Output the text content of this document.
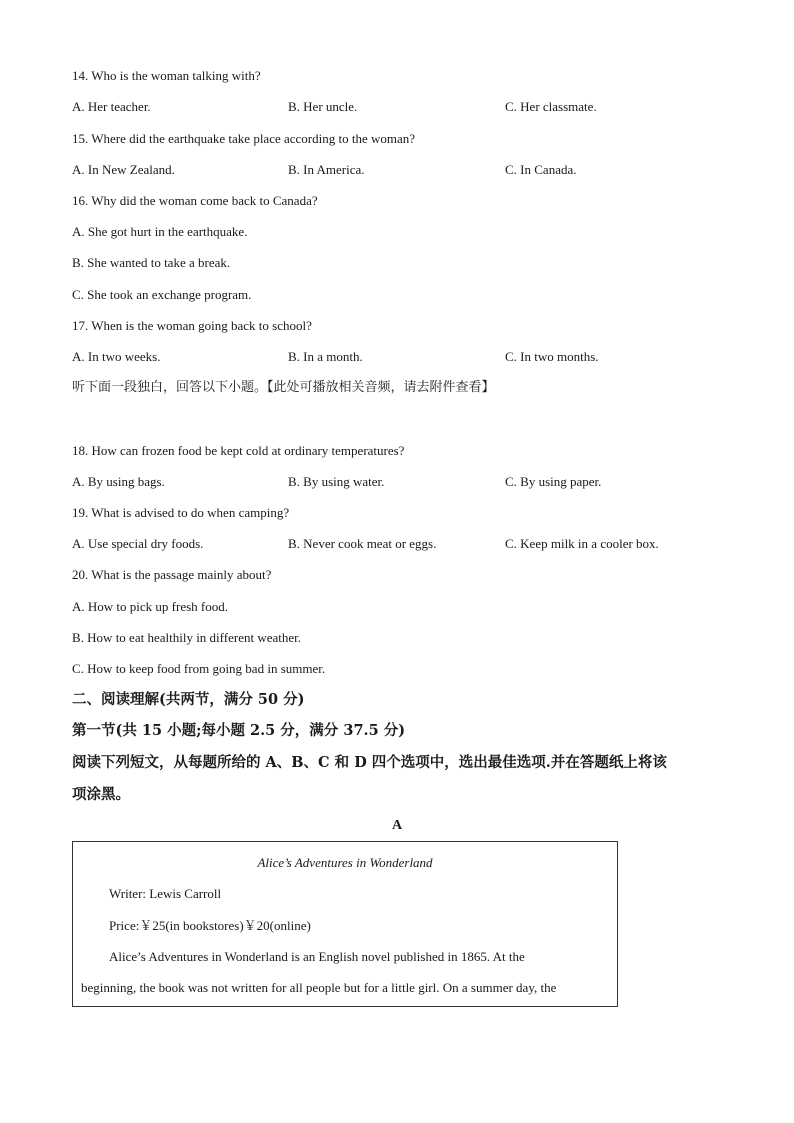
14. Who is the woman talking with?
A. Her teacher.	B. Her uncle.	C. Her classmate.
15. Where did the earthquake take place according to the woman?
A. In New Zealand.	B. In America.	C. In Canada.
16. Why did the woman come back to Canada?
A. She got hurt in the earthquake.
B. She wanted to take a break.
C. She took an exchange program.
17. When is the woman going back to school?
A. In two weeks.	B. In a month.	C. In two months.
听下面一段独白，回答以下小题。【此处可播放相关音频，请去附件查看】
18. How can frozen food be kept cold at ordinary temperatures?
A. By using bags.	B. By using water.	C. By using paper.
19. What is advised to do when camping?
A. Use special dry foods.	B. Never cook meat or eggs.	C. Keep milk in a cooler box.
20. What is the passage mainly about?
A. How to pick up fresh food.
B. How to eat healthily in different weather.
C. How to keep food from going bad in summer.
二、阅读理解(共两节，满分 50 分)
第一节(共 15 小题;每小题 2.5 分，满分 37.5 分)
阅读下列短文，从每题所给的 A、B、C 和 D 四个选项中，选出最佳选项.并在答题纸上将该
项涂黑。
A
Alice’s Adventures in Wonderland
Writer: Lewis Carroll
Price:￥25(in bookstores)￥20(online)
Alice’s Adventures in Wonderland is an English novel published in 1865. At the
beginning, the book was not written for all people but for a little girl. On a summer day, the
